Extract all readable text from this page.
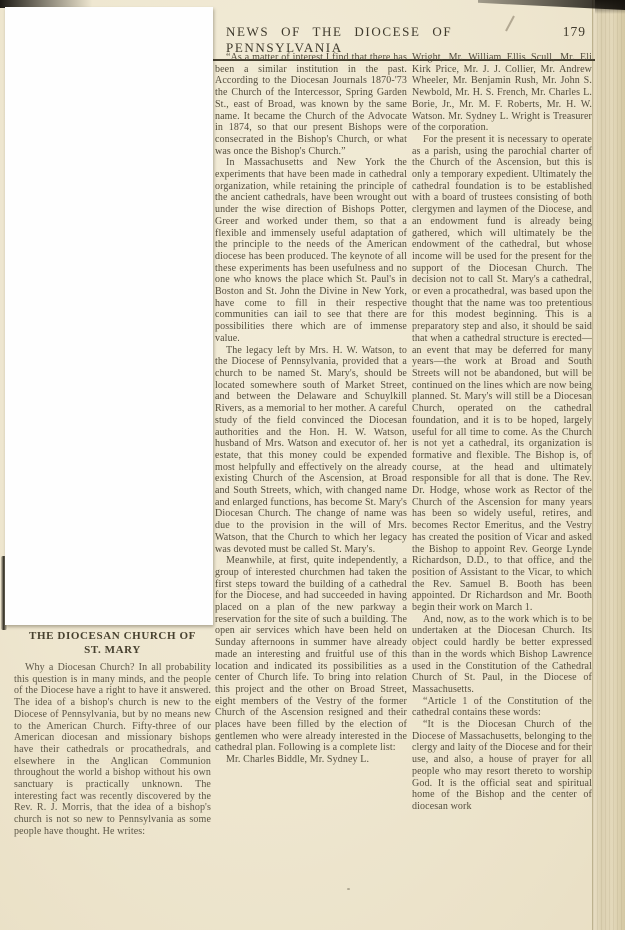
NEWS OF THE DIOCESE OF PENNSYLVANIA
179

“As a matter of interest I find that there has been a similar institution in the past. According to the Diocesan Journals 1870-'73 the Church of the Intercessor, Spring Garden St., east of Broad, was known by the same name. It became the Church of the Advocate in 1874, so that our present Bishops were consecrated in the Bishop's Church, or what was once the Bishop's Church.”

In Massachusetts and New York the experiments that have been made in cathedral organization, while retaining the principle of the ancient cathedrals, have been wrought out under the wise direction of Bishops Potter, Greer and worked under them, so that a flexible and immensely useful adaptation of the principle to the needs of the American diocese has been produced. The keynote of all these experiments has been usefulness and no one who knows the place which St. Paul's in Boston and St. John the Divine in New York, have come to fill in their respective communities can iail to see that there are possibilities there which are of immense value.

The legacy left by Mrs. H. W. Watson, to the Diocese of Pennsylvania, provided that a church to be named St. Mary's, should be located somewhere south of Market Street, and between the Delaware and Schuylkill Rivers, as a memorial to her mother. A careful study of the field convinced the Diocesan authorities and the Hon. H. W. Watson, husband of Mrs. Watson and executor of. her estate, that this money could be expended most helpfully and effectively on the already existing Church of the Ascension, at Broad and South Streets, which, with changed name and enlarged functions, has become St. Mary's Diocesan Church. The change of name was due to the provision in the will of Mrs. Watson, that the Church to which her legacy was devoted must be called St. Mary's.

Meanwhile, at first, quite independently, a group of interested churchmen had taken the first steps toward the building of a cathedral for the Diocese, and had succeeded in having placed on a plan of the new parkway a reservation for the site of such a building. The open air services which have been held on Sunday afternoons in summer have already made an interesting and fruitful use of this location and indicated its possibilities as a center of Church life. To bring into relation this project and the other on Broad Street, eight members of the Vestry of the former Church of the Ascension resigned and their places have been filled by the election of gentlemen who were already interested in the cathedral plan. Following is a complete list:

Mr. Charles Biddle, Mr. Sydney L.

Wright, Mr. William Ellis Scull, Mr. Eli Kirk Price, Mr. J. J. Collier, Mr. Andrew Wheeler, Mr. Benjamin Rush, Mr. John S. Newbold, Mr. H. S. French, Mr. Charles L. Borie, Jr., Mr. M. F. Roberts, Mr. H. W. Watson. Mr. Sydney L. Wright is Treasurer of the corporation.

For the present it is necessary to operate as a parish, using the parochial charter of the Church of the Ascension, but this is only a temporary expedient. Ultimately the cathedral foundation is to be established with a board of trustees consisting of both clergymen and laymen of the Diocese, and an endowment fund is already being gathered, which will ultimately be the endowment of the cathedral, but whose income will be used for the present for the support of the Diocesan Church. The decision not to call St. Mary's a cathedral, or even a procathedral, was based upon the thought that the name was too pretentious for this modest beginning. This is a preparatory step and also, it should be said that when a cathedral structure is erected—an event that may be deferred for many years—the work at Broad and South Streets will not be abandoned, but will be continued on the lines which are now being planned. St. Mary's will still be a Diocesan Church, operated on the cathedral foundation, and it is to be hoped, largely useful for all time to come. As the Church is not yet a cathedral, its organization is formative and flexible. The Bishop is, of course, at the head and ultimately responsible for all that is done. The Rev. Dr. Hodge, whose work as Rector of the Church of the Ascension for many years has been so widely useful, retires, and becomes Rector Emeritus, and the Vestry has created the position of Vicar and asked the Bishop to appoint Rev. George Lynde Richardson, D.D., to that office, and the position of Assistant to the Vicar, to which the Rev. Samuel B. Booth has been appointed. Dr Richardson and Mr. Booth begin their work on March 1.

And, now, as to the work which is to be undertaken at the Diocesan Church. Its object could hardly be better expressed than in the words which Bishop Lawrence used in the Constitution of the Cathedral Church of St. Paul, in the Diocese of Massachusetts.

“Article 1 of the Constitution of the cathedral contains these words:

“It is the Diocesan Church of the Diocese of Massachusetts, belonging to the clergy and laity of the Diocese and for their use, and also, a house of prayer for all people who may resort thereto to worship God. It is the official seat and spiritual home of the Bishop and the center of diocesan work

THE DIOCESAN CHURCH OF
ST. MARY

Why a Diocesan Church? In all probability this question is in many minds, and the people of the Diocese have a right to have it answered. The idea of a bishop's church is new to the Diocese of Pennsylvania, but by no means new to the American Church. Fifty-three of our American diocesan and missionary bishops have their cathedrals or procathedrals, and elsewhere in the Anglican Communion throughout the world a bishop without his own sanctuary is practically unknown. The interesting fact was recently discovered by the Rev. R. J. Morris, that the idea of a bishop's church is not so new to Pennsylvania as some people have thought. He writes:
